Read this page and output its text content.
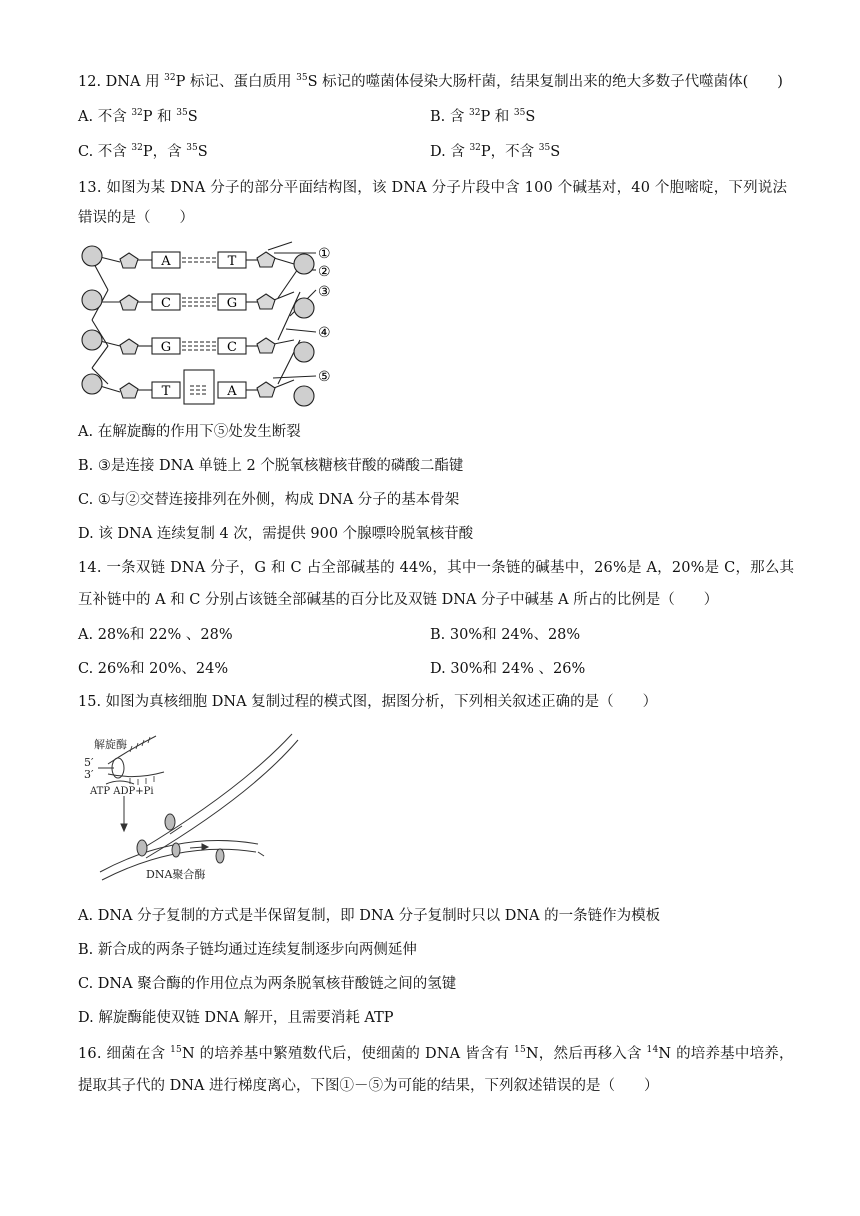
12. DNA 用 $^{32}$P 标记、蛋白质用 $^{35}$S 标记的噬菌体侵染大肠杆菌，结果复制出来的绝大多数子代噬菌体(　　)
A. 不含 $^{32}$P 和 $^{35}$S	B. 含 $^{32}$P 和 $^{35}$S
C. 不含 $^{32}$P，含 $^{35}$S	D. 含 $^{32}$P，不含 $^{35}$S
13. 如图为某 DNA 分子的部分平面结构图，该 DNA 分子片段中含 100 个碱基对，40 个胞嘧啶，下列说法
错误的是（　　）
A	T
C	G
G	C
T	A
①
②
③
④
⑤
A. 在解旋酶的作用下⑤处发生断裂
B. ③是连接 DNA 单链上 2 个脱氧核糖核苷酸的磷酸二酯键
C. ①与②交替连接排列在外侧，构成 DNA 分子的基本骨架
D. 该 DNA 连续复制 4 次，需提供 900 个腺嘌呤脱氧核苷酸
14. 一条双链 DNA 分子，G 和 C 占全部碱基的 44%，其中一条链的碱基中，26%是 A，20%是 C，那么其
互补链中的 A 和 C 分别占该链全部碱基的百分比及双链 DNA 分子中碱基 A 所占的比例是（　　）
A. 28%和 22% 、28%	B. 30%和 24%、28%
C. 26%和 20%、24%	D. 30%和 24% 、26%
15. 如图为真核细胞 DNA 复制过程的模式图，据图分析，下列相关叙述正确的是（　　）
解旋酶
5′
3′
ATP ADP+Pi
DNA聚合酶
A. DNA 分子复制的方式是半保留复制，即 DNA 分子复制时只以 DNA 的一条链作为模板
B. 新合成的两条子链均通过连续复制逐步向两侧延伸
C. DNA 聚合酶的作用位点为两条脱氧核苷酸链之间的氢键
D. 解旋酶能使双链 DNA 解开，且需要消耗 ATP
16. 细菌在含 $^{15}$N 的培养基中繁殖数代后，使细菌的 DNA 皆含有 $^{15}$N，然后再移入含 $^{14}$N 的培养基中培养，
提取其子代的 DNA 进行梯度离心，下图①－⑤为可能的结果，下列叙述错误的是（　　）
